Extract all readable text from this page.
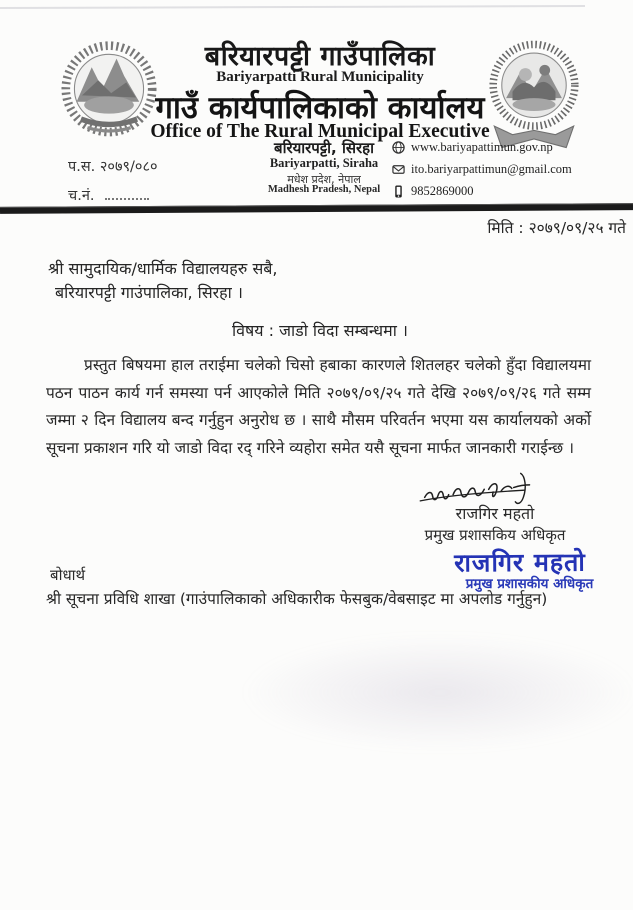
बरियारपट्टी गाउँपालिका
Bariyarpatti Rural Municipality
गाउँ कार्यपालिकाको कार्यालय
Office of The Rural Municipal Executive
प.स. २०७९/०८०
च.नं.
बरियारपट्टी, सिरहा
Bariyarpatti, Siraha
मधेश प्रदेश, नेपाल
Madhesh Pradesh, Nepal
www.bariyapattimun.gov.np
ito.bariyarpattimun@gmail.com
9852869000
मिति : २०७९/०९/२५ गते
श्री सामुदायिक/धार्मिक विद्यालयहरु सबै,
बरियारपट्टी गाउंपालिका, सिरहा ।
विषय : जाडो विदा सम्बन्धमा ।

प्रस्तुत बिषयमा हाल तराईमा चलेको चिसो हबाका कारणले शितलहर चलेको हुँदा विद्यालयमा पठन पाठन कार्य गर्न समस्या पर्न आएकोले मिति २०७९/०९/२५ गते देखि २०७९/०९/२६ गते सम्म जम्मा २ दिन विद्यालय बन्द गर्नुहुन अनुरोध छ । साथै मौसम परिवर्तन भएमा यस कार्यालयको अर्को सूचना प्रकाशन गरि यो जाडो विदा रद् गरिने व्यहोरा समेत यसै सूचना मार्फत जानकारी गराईन्छ ।

राजगिर महतो
प्रमुख प्रशासकिय अधिकृत
राजगिर महतो
प्रमुख प्रशासकीय अधिकृत
बोधार्थ
श्री सूचना प्रविधि शाखा (गाउंपालिकाको अधिकारीक फेसबुक/वेबसाइट मा अपलोड गर्नुहुन)
